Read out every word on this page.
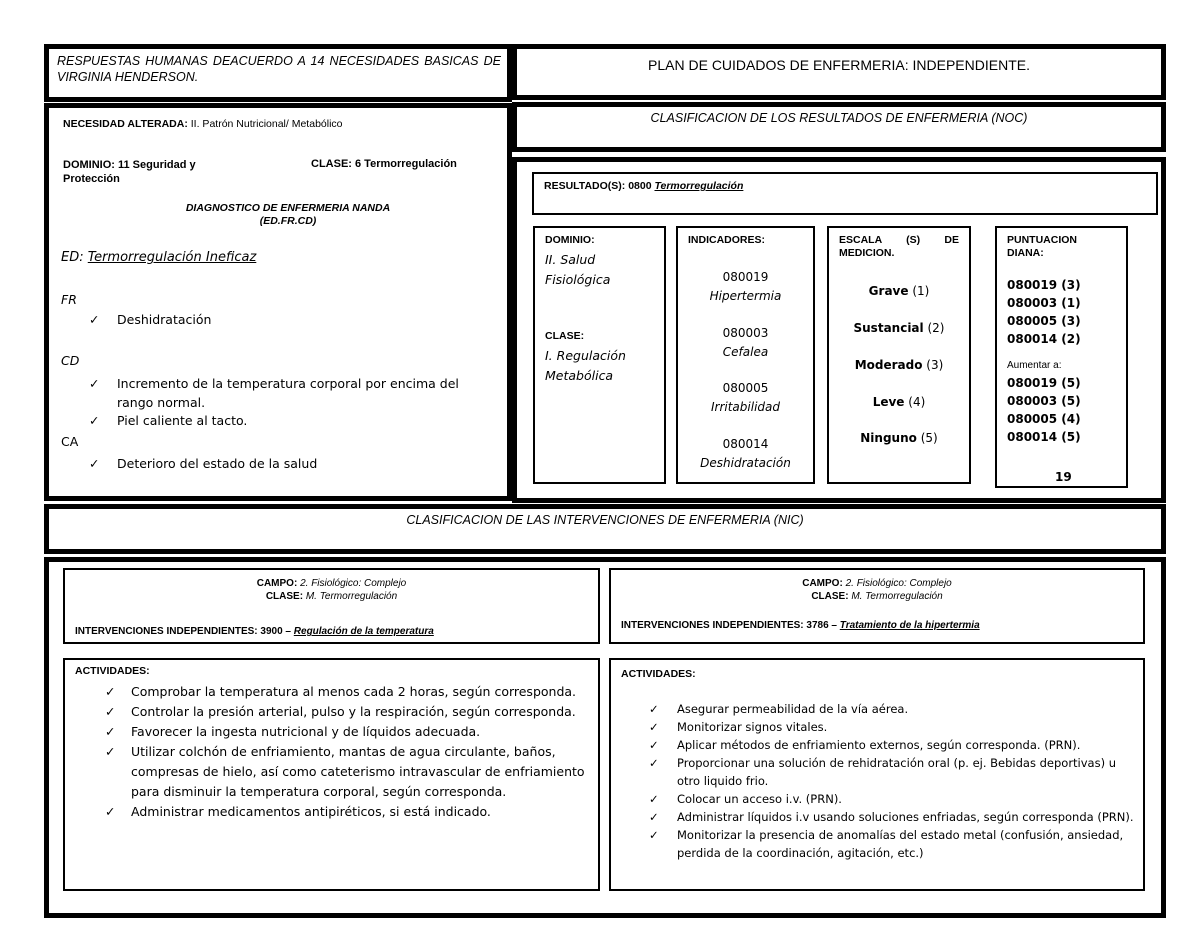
RESPUESTAS HUMANAS DEACUERDO A 14 NECESIDADES BASICAS DE VIRGINIA HENDERSON.
PLAN DE CUIDADOS DE ENFERMERIA: INDEPENDIENTE.
CLASIFICACION DE LOS RESULTADOS DE ENFERMERIA (NOC)
NECESIDAD ALTERADA: II. Patrón Nutricional/ Metabólico
DOMINIO: 11 Seguridad y Protección
CLASE: 6 Termorregulación
DIAGNOSTICO DE ENFERMERIA NANDA
(ED.FR.CD)
ED: Termorregulación Ineficaz
FR
✓ Deshidratación
CD
✓	Incremento de la temperatura corporal por encima del rango normal.
✓	Piel caliente al tacto.
CA
✓ Deterioro del estado de la salud
RESULTADO(S): 0800 Termorregulación
DOMINIO:
II. Salud Fisiológica
CLASE:
I. Regulación Metabólica
INDICADORES:
080019
Hipertermia
080003
Cefalea
080005
Irritabilidad
080014
Deshidratación
ESCALA (S) DE MEDICION.
Grave (1)
Sustancial (2)
Moderado (3)
Leve (4)
Ninguno (5)
PUNTUACION DIANA:
080019 (3)
080003 (1)
080005 (3)
080014 (2)
Aumentar a:
080019 (5)
080003 (5)
080005 (4)
080014 (5)
19
CLASIFICACION DE LAS INTERVENCIONES DE ENFERMERIA (NIC)
CAMPO: 2. Fisiológico: Complejo
CLASE: M. Termorregulación
INTERVENCIONES INDEPENDIENTES: 3900 – Regulación de la temperatura
CAMPO: 2. Fisiológico: Complejo
CLASE: M. Termorregulación
INTERVENCIONES INDEPENDIENTES: 3786 – Tratamiento de la hipertermia
ACTIVIDADES:
✓ Comprobar la temperatura al menos cada 2 horas, según corresponda.
✓ Controlar la presión arterial, pulso y la respiración, según corresponda.
✓ Favorecer la ingesta nutricional y de líquidos adecuada.
✓ Utilizar colchón de enfriamiento, mantas de agua circulante, baños, compresas de hielo, así como cateterismo intravascular de enfriamiento para disminuir la temperatura corporal, según corresponda.
✓ Administrar medicamentos antipiréticos, si está indicado.
ACTIVIDADES:
✓ Asegurar permeabilidad de la vía aérea.
✓ Monitorizar signos vitales.
✓ Aplicar métodos de enfriamiento externos, según corresponda. (PRN).
✓ Proporcionar una solución de rehidratación oral (p. ej. Bebidas deportivas) u otro liquido frio.
✓ Colocar un acceso i.v. (PRN).
✓ Administrar líquidos i.v usando soluciones enfriadas, según corresponda (PRN).
✓ Monitorizar la presencia de anomalías del estado metal (confusión, ansiedad, perdida de la coordinación, agitación, etc.)
